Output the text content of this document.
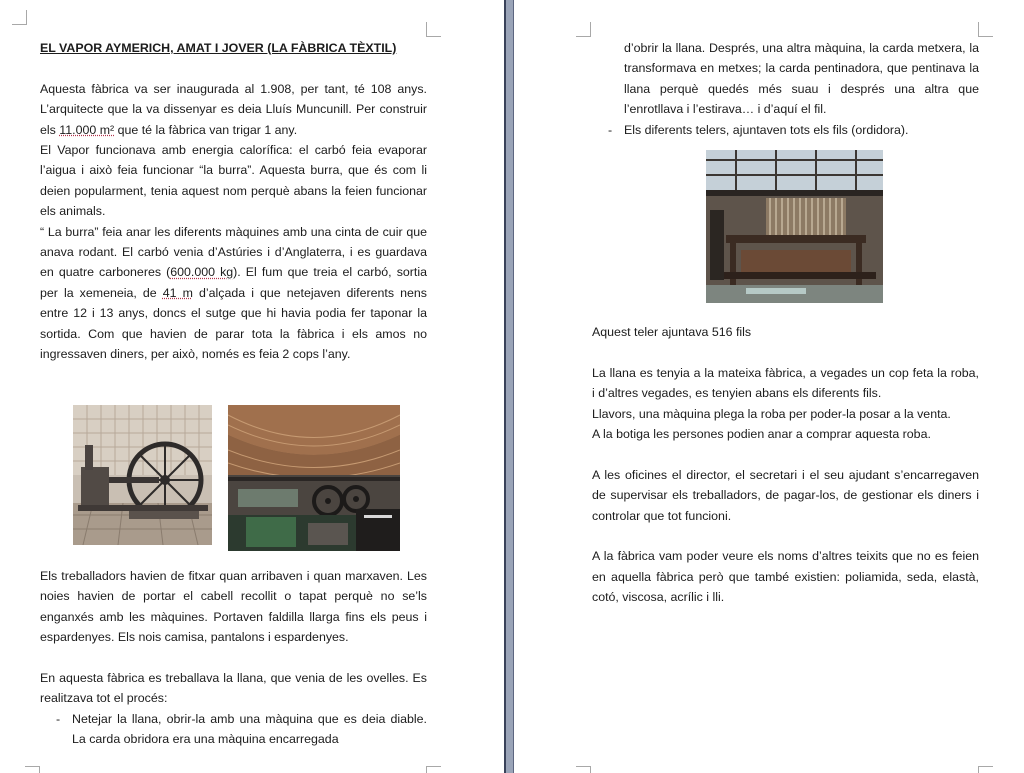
EL VAPOR AYMERICH, AMAT I JOVER (LA FÀBRICA TÈXTIL)

Aquesta fàbrica va ser inaugurada al 1.908, per tant, té 108 anys. L’arquitecte que la va dissenyar es deia Lluís Muncunill. Per construir els 11.000 m² que té la fàbrica van trigar 1 any.

El Vapor funcionava amb energia calorífica: el carbó feia evaporar l’aigua i això feia funcionar “la burra”. Aquesta burra, que és com li deien popularment, tenia aquest nom perquè abans la feien funcionar els animals.

“ La burra” feia anar les diferents màquines amb una cinta de cuir que anava rodant. El carbó venia d’Astúries i d’Anglaterra, i es guardava en quatre carboneres (600.000 kg). El fum que treia el carbó, sortia per la xemeneia, de 41 m d’alçada i que netejaven diferents nens entre 12 i 13 anys, doncs el sutge que hi havia podia fer taponar la sortida. Com que havien de parar tota la fàbrica i els amos no ingressaven diners, per això, només es feia 2 cops l’any.

Els treballadors havien de fitxar quan arribaven i quan marxaven. Les noies havien de portar el cabell recollit o tapat perquè no se’ls enganxés amb les màquines. Portaven faldilla llarga fins els peus i espardenyes. Els nois camisa, pantalons i espardenyes.

En aquesta fàbrica es treballava la llana, que venia de les ovelles. Es realitzava tot el procés:

- Netejar la llana, obrir-la amb una màquina que es deia diable. La carda obridora era una màquina encarregada

d’obrir la llana. Després, una altra màquina, la carda metxera, la transformava en metxes; la carda pentinadora, que pentinava la llana perquè quedés més suau i després una altra que l’enrotllava i l’estirava… i d’aquí el fil.

- Els diferents telers, ajuntaven tots els fils (ordidora).

Aquest teler ajuntava 516 fils

La llana es tenyia a la mateixa fàbrica, a vegades un cop feta la roba, i d’altres vegades, es tenyien abans els diferents fils.

Llavors, una màquina plega la roba per poder-la posar a la venta.

A la botiga les persones podien anar a comprar aquesta roba.

A les oficines el director, el secretari i el seu ajudant s’encarregaven de supervisar els treballadors, de pagar-los, de gestionar els diners i controlar que tot funcioni.

A la fàbrica vam poder veure els noms d’altres teixits que no es feien en aquella fàbrica però que també existien: poliamida, seda, elastà, cotó, viscosa, acrílic i lli.
